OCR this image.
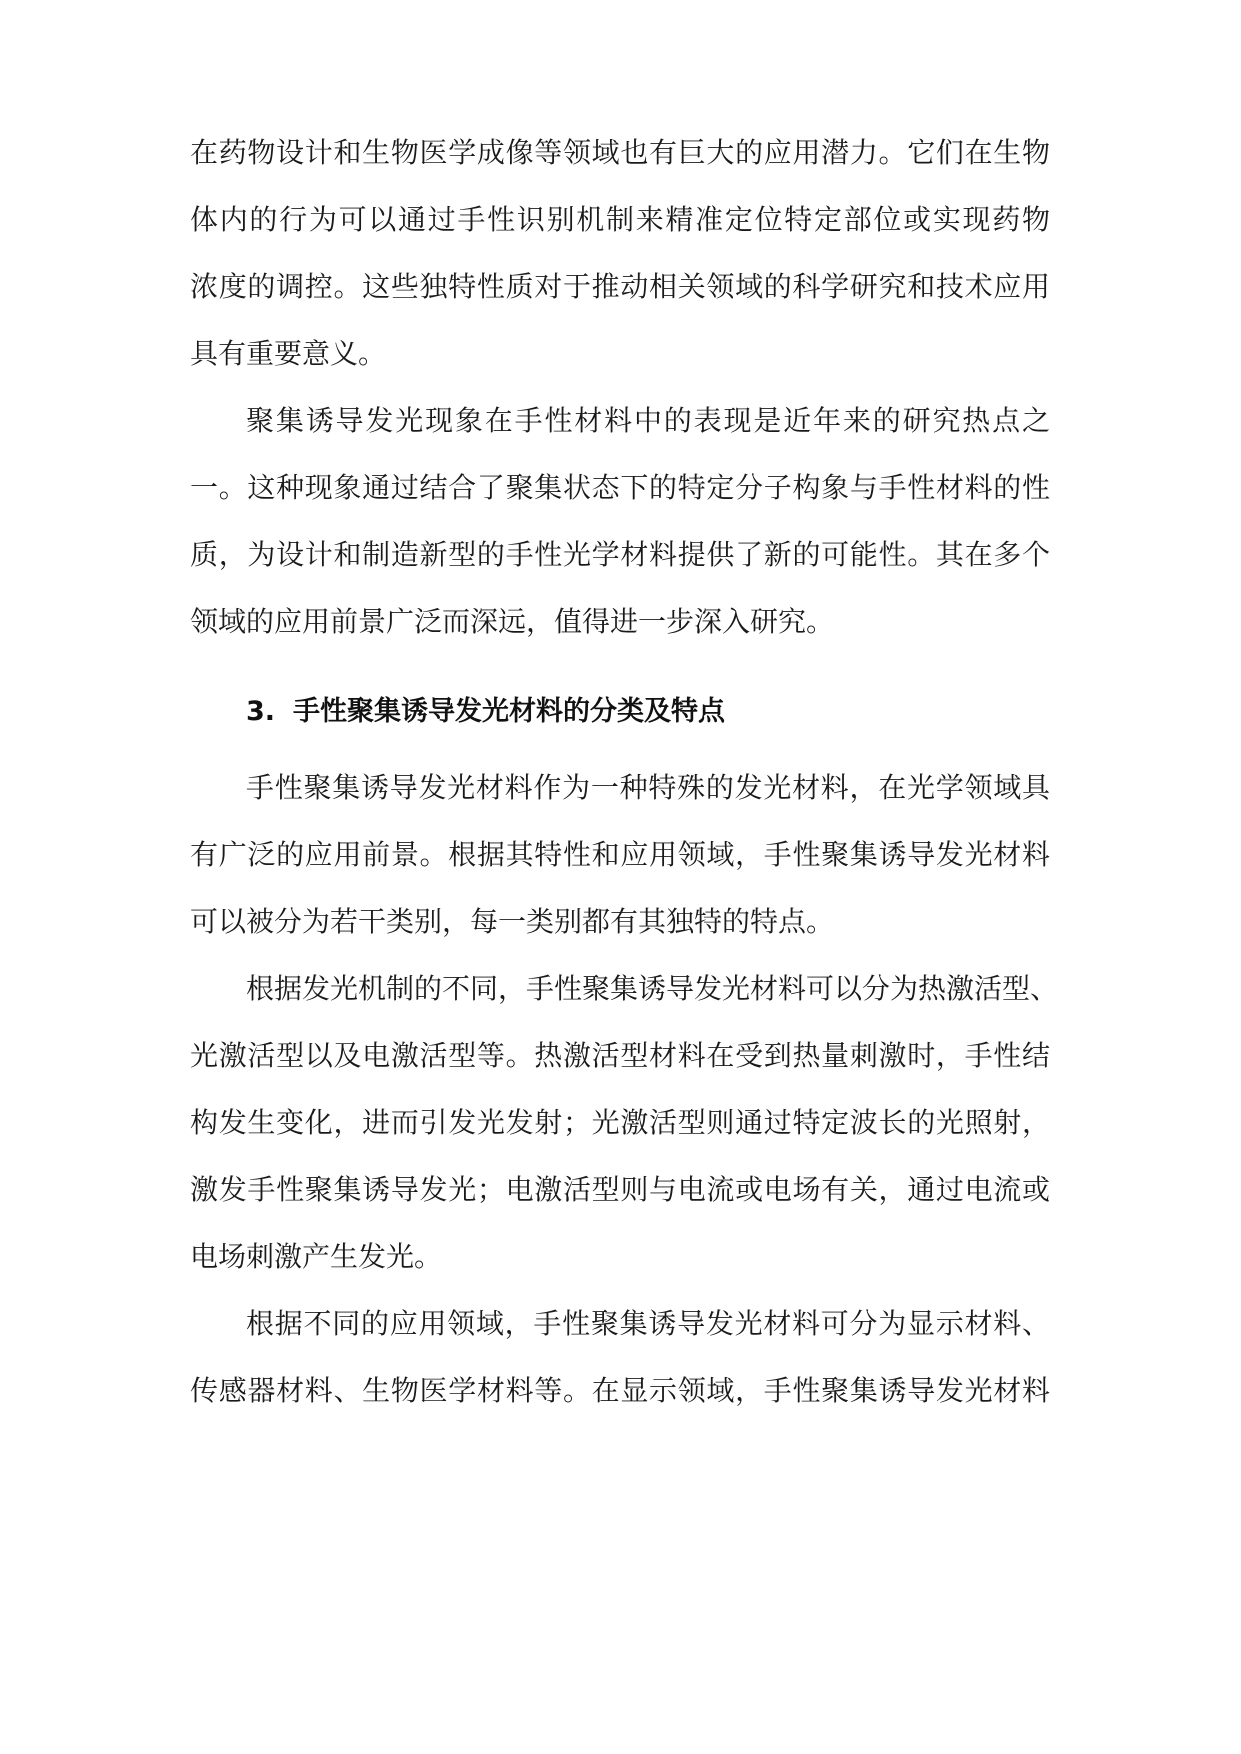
在药物设计和生物医学成像等领域也有巨大的应用潜力。它们在生物

体内的行为可以通过手性识别机制来精准定位特定部位或实现药物

浓度的调控。这些独特性质对于推动相关领域的科学研究和技术应用

具有重要意义。

聚集诱导发光现象在手性材料中的表现是近年来的研究热点之

一。这种现象通过结合了聚集状态下的特定分子构象与手性材料的性

质，为设计和制造新型的手性光学材料提供了新的可能性。其在多个

领域的应用前景广泛而深远，值得进一步深入研究。

3. 手性聚集诱导发光材料的分类及特点

手性聚集诱导发光材料作为一种特殊的发光材料，在光学领域具

有广泛的应用前景。根据其特性和应用领域，手性聚集诱导发光材料

可以被分为若干类别，每一类别都有其独特的特点。

根据发光机制的不同，手性聚集诱导发光材料可以分为热激活型、

光激活型以及电激活型等。热激活型材料在受到热量刺激时，手性结

构发生变化，进而引发光发射；光激活型则通过特定波长的光照射，

激发手性聚集诱导发光；电激活型则与电流或电场有关，通过电流或

电场刺激产生发光。

根据不同的应用领域，手性聚集诱导发光材料可分为显示材料、

传感器材料、生物医学材料等。在显示领域，手性聚集诱导发光材料
